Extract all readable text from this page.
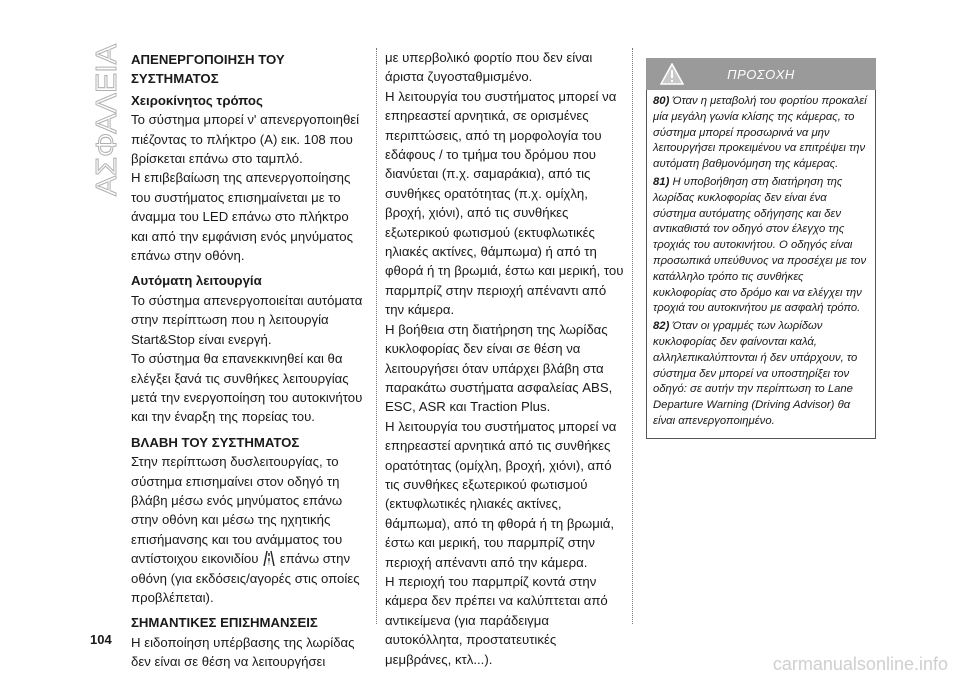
ΑΣΦΑΛΕΙΑ ΑΠΕΝΕΡΓΟΠΟΙΗΣΗ ΤΟΥ ΣΥΣΤΗΜΑΤΟΣ
Χειροκίνητος τρόπος

Το σύστημα μπορεί ν' απενεργοποιηθεί πιέζοντας το πλήκτρο (A) εικ. 108 που βρίσκεται επάνω στο ταμπλό.

Η επιβεβαίωση της απενεργοποίησης του συστήματος επισημαίνεται με το άναμμα του LED επάνω στο πλήκτρο και από την εμφάνιση ενός μηνύματος επάνω στην οθόνη.

Αυτόματη λειτουργία

Το σύστημα απενεργοποιείται αυτόματα στην περίπτωση που η λειτουργία Start&Stop είναι ενεργή.

Το σύστημα θα επανεκκινηθεί και θα ελέγξει ξανά τις συνθήκες λειτουργίας μετά την ενεργοποίηση του αυτοκινήτου και την έναρξη της πορείας του.

ΒΛΑΒΗ ΤΟΥ ΣΥΣΤΗΜΑΤΟΣ

Στην περίπτωση δυσλειτουργίας, το σύστημα επισημαίνει στον οδηγό τη βλάβη μέσω ενός μηνύματος επάνω στην οθόνη και μέσω της ηχητικής επισήμανσης και του ανάμματος του αντίστοιχου εικονιδίου ! επάνω στην οθόνη (για εκδόσεις/αγορές στις οποίες προβλέπεται).

ΣΗΜΑΝΤΙΚΕΣ ΕΠΙΣΗΜΑΝΣΕΙΣ

Η ειδοποίηση υπέρβασης της λωρίδας δεν είναι σε θέση να λειτουργήσει

με υπερβολικό φορτίο που δεν είναι άριστα ζυγοσταθμισμένο.

Η λειτουργία του συστήματος μπορεί να επηρεαστεί αρνητικά, σε ορισμένες περιπτώσεις, από τη μορφολογία του εδάφους / το τμήμα του δρόμου που διανύεται (π.χ. σαμαράκια), από τις συνθήκες ορατότητας (π.χ. ομίχλη, βροχή, χιόνι), από τις συνθήκες εξωτερικού φωτισμού (εκτυφλωτικές ηλιακές ακτίνες, θάμπωμα) ή από τη φθορά ή τη βρωμιά, έστω και μερική, του παρμπρίζ στην περιοχή απέναντι από την κάμερα.

Η βοήθεια στη διατήρηση της λωρίδας κυκλοφορίας δεν είναι σε θέση να λειτουργήσει όταν υπάρχει βλάβη στα παρακάτω συστήματα ασφαλείας ABS, ESC, ASR και Traction Plus.

Η λειτουργία του συστήματος μπορεί να επηρεαστεί αρνητικά από τις συνθήκες ορατότητας (ομίχλη, βροχή, χιόνι), από τις συνθήκες εξωτερικού φωτισμού (εκτυφλωτικές ηλιακές ακτίνες, θάμπωμα), από τη φθορά ή τη βρωμιά, έστω και μερική, του παρμπρίζ στην περιοχή απέναντι από την κάμερα.

Η περιοχή του παρμπρίζ κοντά στην κάμερα δεν πρέπει να καλύπτεται από αντικείμενα (για παράδειγμα αυτοκόλλητα, προστατευτικές μεμβράνες, κτλ...).

ΠΡΟΣΟΧΗ

80) Όταν η μεταβολή του φορτίου προκαλεί μία μεγάλη γωνία κλίσης της κάμερας, το σύστημα μπορεί προσωρινά να μην λειτουργήσει προκειμένου να επιτρέψει την αυτόματη βαθμονόμηση της κάμερας.

81) Η υποβοήθηση στη διατήρηση της λωρίδας κυκλοφορίας δεν είναι ένα σύστημα αυτόματης οδήγησης και δεν αντικαθιστά τον οδηγό στον έλεγχο της τροχιάς του αυτοκινήτου. Ο οδηγός είναι προσωπικά υπεύθυνος να προσέχει με τον κατάλληλο τρόπο τις συνθήκες κυκλοφορίας στο δρόμο και να ελέγχει την τροχιά του αυτοκινήτου με ασφαλή τρόπο.

82) Όταν οι γραμμές των λωρίδων κυκλοφορίας δεν φαίνονται καλά, αλληλεπικαλύπτονται ή δεν υπάρχουν, το σύστημα δεν μπορεί να υποστηρίξει τον οδηγό: σε αυτήν την περίπτωση το Lane Departure Warning (Driving Advisor) θα είναι απενεργοποιημένο.

104
carmanualsonline.info
